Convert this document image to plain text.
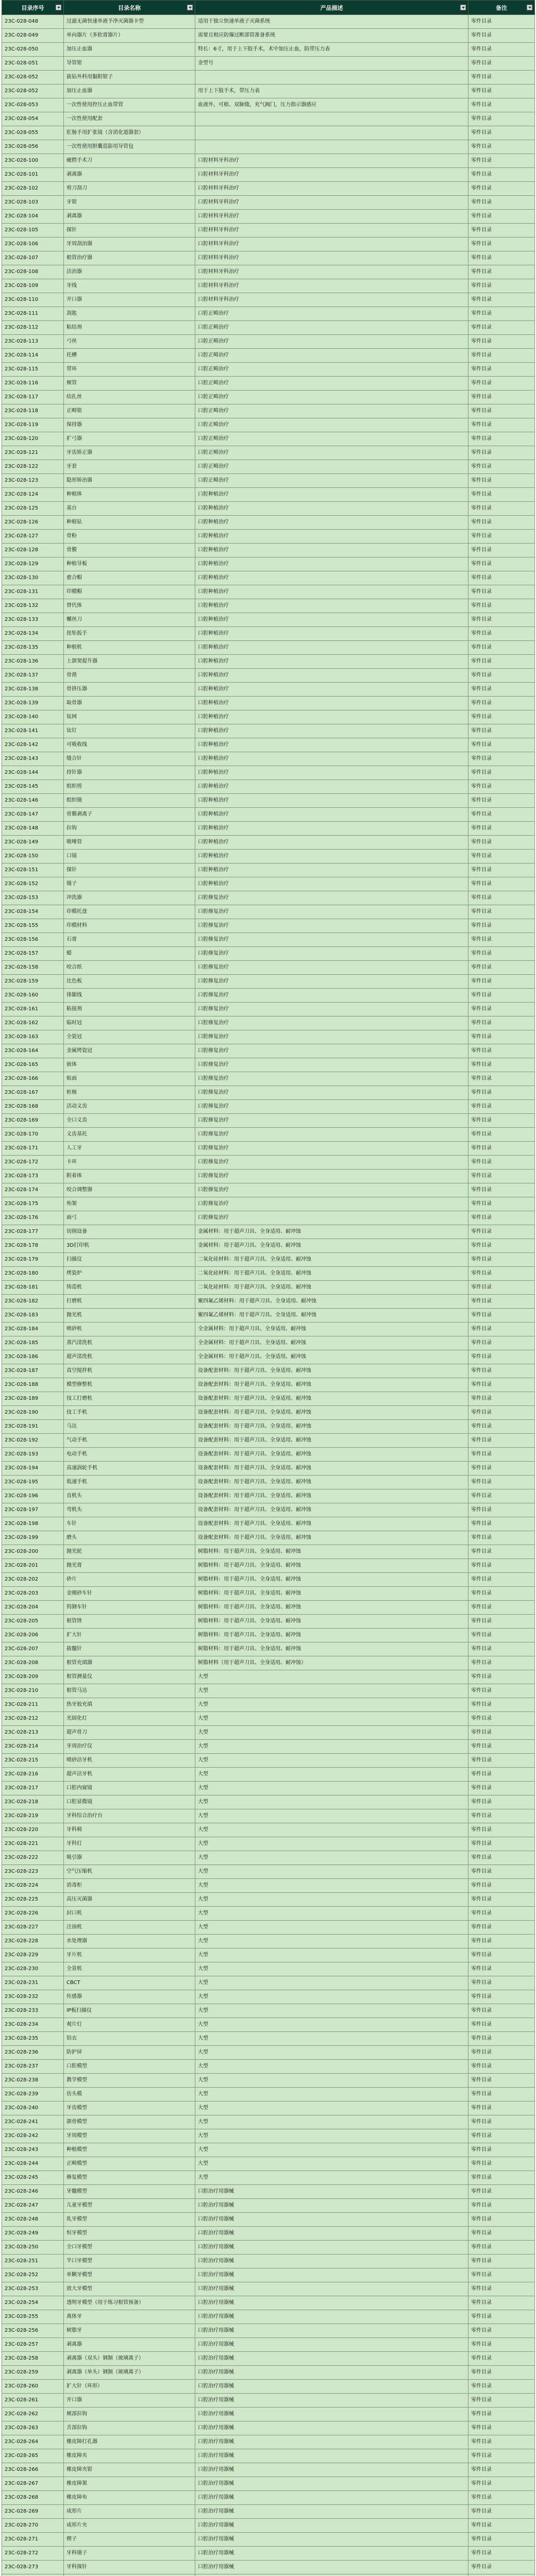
目录序号	目录名称	产品描述	备注

23C-028-048	过滤无菌快速单液予净灭菌器卡型	适用于独立快速单液子灭菌系统	零件目录
23C-028-049	单向器片（多软膏器片）	需要且相应防爆过断部管准备系统	零件目录
23C-028-050	加压止血器	特长：6寸，用于上下肢手术，术中加压止血，防带压力表	零件目录
23C-028-051	导管钳	金型号	零件目录
23C-028-052	拔钻外科用黏附钳子		零件目录
23C-028-052	加压止血器	用于上下肢手术，带压力表	零件目录
23C-028-053	一次性使用控压止血带管	血液外，可植、双脉缝，充气阀门，压力指示器感应	零件目录
23C-028-054	一次性使用配套		零件目录
23C-028-055	肛肠手用扩张镜（含消化道器套）		零件目录
23C-028-056	一次性使用胆囊造影用导管包		零件目录
23C-028-100	硬腭手术刀	口腔材料牙科治疗	零件目录
23C-028-101	剥离器	口腔材料牙科治疗	零件目录
23C-028-102	剪刀刮刀	口腔材料牙科治疗	零件目录
23C-028-103	牙钳	口腔材料牙科治疗	零件目录
23C-028-104	剥离器	口腔材料牙科治疗	零件目录
23C-028-105	探针	口腔材料牙科治疗	零件目录
23C-028-106	牙周刮治器	口腔材料牙科治疗	零件目录
23C-028-107	根管治疗器	口腔材料牙科治疗	零件目录
23C-028-108	洁治器	口腔材料牙科治疗	零件目录
23C-028-109	牙线	口腔材料牙科治疗	零件目录
23C-028-110	开口器	口腔材料牙科治疗	零件目录
23C-028-111	刮匙	口腔正畸治疗	零件目录
23C-028-112	粘结剂	口腔正畸治疗	零件目录
23C-028-113	弓丝	口腔正畸治疗	零件目录
23C-028-114	托槽	口腔正畸治疗	零件目录
23C-028-115	带环	口腔正畸治疗	零件目录
23C-028-116	颊管	口腔正畸治疗	零件目录
23C-028-117	结扎丝	口腔正畸治疗	零件目录
23C-028-118	正畸钳	口腔正畸治疗	零件目录
23C-028-119	保持器	口腔正畸治疗	零件目录
23C-028-120	扩弓器	口腔正畸治疗	零件目录
23C-028-121	牙齿矫正器	口腔正畸治疗	零件目录
23C-028-122	牙套	口腔正畸治疗	零件目录
23C-028-123	隐形矫治器	口腔正畸治疗	零件目录
23C-028-124	种植体	口腔种植治疗	零件目录
23C-028-125	基台	口腔种植治疗	零件目录
23C-028-126	种植钻	口腔种植治疗	零件目录
23C-028-127	骨粉	口腔种植治疗	零件目录
23C-028-128	骨膜	口腔种植治疗	零件目录
23C-028-129	种植导板	口腔种植治疗	零件目录
23C-028-130	愈合帽	口腔种植治疗	零件目录
23C-028-131	印模帽	口腔种植治疗	零件目录
23C-028-132	替代体	口腔种植治疗	零件目录
23C-028-133	螺丝刀	口腔种植治疗	零件目录
23C-028-134	扭矩扳手	口腔种植治疗	零件目录
23C-028-135	种植机	口腔种植治疗	零件目录
23C-028-136	上颌窦提升器	口腔种植治疗	零件目录
23C-028-137	骨凿	口腔种植治疗	零件目录
23C-028-138	骨挤压器	口腔种植治疗	零件目录
23C-028-139	取骨器	口腔种植治疗	零件目录
23C-028-140	钛网	口腔种植治疗	零件目录
23C-028-141	钛钉	口腔种植治疗	零件目录
23C-028-142	可吸收线	口腔种植治疗	零件目录
23C-028-143	缝合针	口腔种植治疗	零件目录
23C-028-144	持针器	口腔种植治疗	零件目录
23C-028-145	组织剪	口腔种植治疗	零件目录
23C-028-146	组织镊	口腔种植治疗	零件目录
23C-028-147	骨膜剥离子	口腔种植治疗	零件目录
23C-028-148	拉钩	口腔种植治疗	零件目录
23C-028-149	吸唾管	口腔种植治疗	零件目录
23C-028-150	口镜	口腔种植治疗	零件目录
23C-028-151	探针	口腔种植治疗	零件目录
23C-028-152	镊子	口腔种植治疗	零件目录
23C-028-153	冲洗器	口腔修复治疗	零件目录
23C-028-154	印模托盘	口腔修复治疗	零件目录
23C-028-155	印模材料	口腔修复治疗	零件目录
23C-028-156	石膏	口腔修复治疗	零件目录
23C-028-157	蜡	口腔修复治疗	零件目录
23C-028-158	咬合纸	口腔修复治疗	零件目录
23C-028-159	比色板	口腔修复治疗	零件目录
23C-028-160	排龈线	口腔修复治疗	零件目录
23C-028-161	粘接剂	口腔修复治疗	零件目录
23C-028-162	临时冠	口腔修复治疗	零件目录
23C-028-163	全瓷冠	口腔修复治疗	零件目录
23C-028-164	金属烤瓷冠	口腔修复治疗	零件目录
23C-028-165	嵌体	口腔修复治疗	零件目录
23C-028-166	贴面	口腔修复治疗	零件目录
23C-028-167	桩核	口腔修复治疗	零件目录
23C-028-168	活动义齿	口腔修复治疗	零件目录
23C-028-169	全口义齿	口腔修复治疗	零件目录
23C-028-170	义齿基托	口腔修复治疗	零件目录
23C-028-171	人工牙	口腔修复治疗	零件目录
23C-028-172	卡环	口腔修复治疗	零件目录
23C-028-173	附着体	口腔修复治疗	零件目录
23C-028-174	咬合调整器	口腔修复治疗	零件目录
23C-028-175	殆架	口腔修复治疗	零件目录
23C-028-176	面弓	口腔修复治疗	零件目录
23C-028-177	切削设备	金属材料：用于超声刀具、全身适用、耐冲蚀	零件目录
23C-028-178	3D打印机	金属材料：用于超声刀具、全身适用、耐冲蚀	零件目录
23C-028-179	扫描仪	二氧化硅材料：用于超声刀具、全身适用、耐冲蚀	零件目录
23C-028-180	烤瓷炉	二氧化硅材料：用于超声刀具、全身适用、耐冲蚀	零件目录
23C-028-181	铸造机	二氧化硅材料：用于超声刀具、全身适用、耐冲蚀	零件目录
23C-028-182	打磨机	聚四氟乙烯材料：用于超声刀具、全身适用、耐冲蚀	零件目录
23C-028-183	抛光机	聚四氟乙烯材料：用于超声刀具、全身适用、耐冲蚀	零件目录
23C-028-184	喷砂机	全金属材料：用于超声刀具、全身适用、耐冲蚀	零件目录
23C-028-185	蒸汽清洗机	全金属材料：用于超声刀具、全身适用、耐冲蚀	零件目录
23C-028-186	超声清洗机	全金属材料：用于超声刀具、全身适用、耐冲蚀	零件目录
23C-028-187	真空搅拌机	设备配套材料：用于超声刀具、全身适用、耐冲蚀	零件目录
23C-028-188	模型修整机	设备配套材料：用于超声刀具、全身适用、耐冲蚀	零件目录
23C-028-189	技工打磨机	设备配套材料：用于超声刀具、全身适用、耐冲蚀	零件目录
23C-028-190	技工手机	设备配套材料：用于超声刀具、全身适用、耐冲蚀	零件目录
23C-028-191	马达	设备配套材料：用于超声刀具、全身适用、耐冲蚀	零件目录
23C-028-192	气动手机	设备配套材料：用于超声刀具、全身适用、耐冲蚀	零件目录
23C-028-193	电动手机	设备配套材料：用于超声刀具、全身适用、耐冲蚀	零件目录
23C-028-194	高速涡轮手机	设备配套材料：用于超声刀具、全身适用、耐冲蚀	零件目录
23C-028-195	低速手机	设备配套材料：用于超声刀具、全身适用、耐冲蚀	零件目录
23C-028-196	直机头	设备配套材料：用于超声刀具、全身适用、耐冲蚀	零件目录
23C-028-197	弯机头	设备配套材料：用于超声刀具、全身适用、耐冲蚀	零件目录
23C-028-198	车针	设备配套材料：用于超声刀具、全身适用、耐冲蚀	零件目录
23C-028-199	磨头	设备配套材料：用于超声刀具、全身适用、耐冲蚀	零件目录
23C-028-200	抛光轮	树脂材料：用于超声刀具、全身适用、耐冲蚀	零件目录
23C-028-201	抛光膏	树脂材料：用于超声刀具、全身适用、耐冲蚀	零件目录
23C-028-202	砂片	树脂材料：用于超声刀具、全身适用、耐冲蚀	零件目录
23C-028-203	金刚砂车针	树脂材料：用于超声刀具、全身适用、耐冲蚀	零件目录
23C-028-204	钨钢车针	树脂材料：用于超声刀具、全身适用、耐冲蚀	零件目录
23C-028-205	根管锉	树脂材料：用于超声刀具、全身适用、耐冲蚀	零件目录
23C-028-206	扩大针	树脂材料：用于超声刀具、全身适用、耐冲蚀	零件目录
23C-028-207	拔髓针	树脂材料：用于超声刀具、全身适用、耐冲蚀	零件目录
23C-028-208	根管充填器	树脂材料（用于超声刀具、全身适用、耐冲蚀）	零件目录
23C-028-209	根管测量仪	大型	零件目录
23C-028-210	根管马达	大型	零件目录
23C-028-211	热牙胶充填	大型	零件目录
23C-028-212	光固化灯	大型	零件目录
23C-028-213	超声骨刀	大型	零件目录
23C-028-214	牙周治疗仪	大型	零件目录
23C-028-215	喷砂洁牙机	大型	零件目录
23C-028-216	超声洁牙机	大型	零件目录
23C-028-217	口腔内窥镜	大型	零件目录
23C-028-218	口腔显微镜	大型	零件目录
23C-028-219	牙科综合治疗台	大型	零件目录
23C-028-220	牙科椅	大型	零件目录
23C-028-221	牙科灯	大型	零件目录
23C-028-222	吸引器	大型	零件目录
23C-028-223	空气压缩机	大型	零件目录
23C-028-224	消毒柜	大型	零件目录
23C-028-225	高压灭菌器	大型	零件目录
23C-028-226	封口机	大型	零件目录
23C-028-227	注油机	大型	零件目录
23C-028-228	水处理器	大型	零件目录
23C-028-229	牙片机	大型	零件目录
23C-028-230	全景机	大型	零件目录
23C-028-231	CBCT	大型	零件目录
23C-028-232	传感器	大型	零件目录
23C-028-233	IP板扫描仪	大型	零件目录
23C-028-234	观片灯	大型	零件目录
23C-028-235	铅衣	大型	零件目录
23C-028-236	防护屏	大型	零件目录
23C-028-237	口腔模型	大型	零件目录
23C-028-238	教学模型	大型	零件目录
23C-028-239	仿头模	大型	零件目录
23C-028-240	牙齿模型	大型	零件目录
23C-028-241	颌骨模型	大型	零件目录
23C-028-242	牙周模型	大型	零件目录
23C-028-243	种植模型	大型	零件目录
23C-028-244	正畸模型	大型	零件目录
23C-028-245	修复模型	大型	零件目录
23C-028-246	牙髓模型	口腔治疗用器械	零件目录
23C-028-247	儿童牙模型	口腔治疗用器械	零件目录
23C-028-248	乳牙模型	口腔治疗用器械	零件目录
23C-028-249	恒牙模型	口腔治疗用器械	零件目录
23C-028-250	全口牙模型	口腔治疗用器械	零件目录
23C-028-251	半口牙模型	口腔治疗用器械	零件目录
23C-028-252	单颗牙模型	口腔治疗用器械	零件目录
23C-028-253	放大牙模型	口腔治疗用器械	零件目录
23C-028-254	透明牙模型（用于练习根管预备）	口腔治疗用器械	零件目录
23C-028-255	离体牙	口腔治疗用器械	零件目录
23C-028-256	树脂牙	口腔治疗用器械	零件目录
23C-028-257	剥离器	口腔治疗用器械	零件目录
23C-028-258	剥离器（双头）钢制（玻璃离子）	口腔治疗用器械	零件目录
23C-028-259	剥离器（单头）钢制（玻璃离子）	口腔治疗用器械	零件目录
23C-028-260	扩大针（环形）	口腔治疗用器械	零件目录
23C-028-261	开口器	口腔治疗用器械	零件目录
23C-028-262	颊部拉钩	口腔治疗用器械	零件目录
23C-028-263	舌部拉钩	口腔治疗用器械	零件目录
23C-028-264	橡皮障打孔器	口腔治疗用器械	零件目录
23C-028-265	橡皮障夹	口腔治疗用器械	零件目录
23C-028-266	橡皮障夹钳	口腔治疗用器械	零件目录
23C-028-267	橡皮障架	口腔治疗用器械	零件目录
23C-028-268	橡皮障布	口腔治疗用器械	零件目录
23C-028-269	成形片	口腔治疗用器械	零件目录
23C-028-270	成形片夹	口腔治疗用器械	零件目录
23C-028-271	楔子	口腔治疗用器械	零件目录
23C-028-272	牙科镊子	口腔治疗用器械	零件目录
23C-028-273	牙科探针	口腔治疗用器械	零件目录
